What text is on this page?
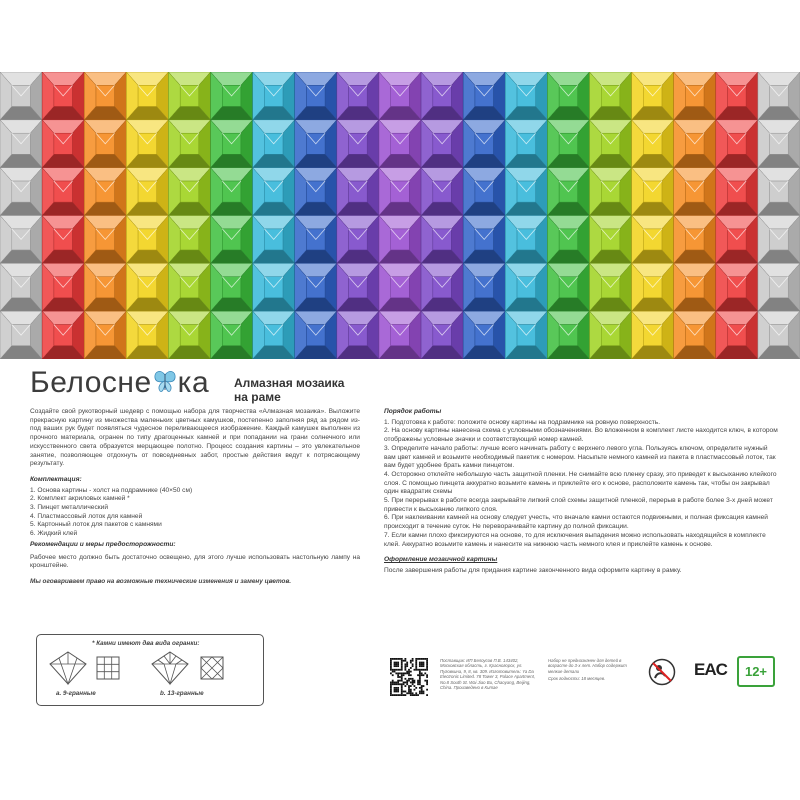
Белосне ка Алмазная мозаика
на раме

Создайте свой рукотворный шедевр с помощью набора для творчества «Алмазная мозаика». Выложите прекрасную картину из множества маленьких цветных камушков, постепенно заполняя ряд за рядом из-под ваших рук будет появляться чудесное переливающееся изображение. Каждый камушек выполнен из прочного материала, огранен по типу драгоценных камней и при попадании на грани солнечного или искусственного света образуется мерцающее полотно. Процесс создания картины – это увлекательное занятие, позволяющее отдохнуть от повседневных забот, простые действия ведут к потрясающему результату.

Комплектация:
1. Основа картины - холст на подрамнике (40×50 см)
2. Комплект акриловых камней *
3. Пинцет металлический
4. Пластмассовый лоток для камней
5. Картонный лоток для пакетов с камнями
6. Жидкий клей
Рекомендации и меры предосторожности:

Рабочее место должно быть достаточно освещено, для этого лучше использовать настольную лампу на кронштейне.

Мы оговариваем право на возможные технические изменения и замену цветов.
* Камни имеют два вида огранки:
a. 9-гранные	b. 13-гранные
Порядок работы
1. Подготовка к работе: положите основу картины на подрамнике на ровную поверхность.
2. На основу картины нанесена схема с условными обозначениями. Во вложенном в комплект листе находится ключ, в котором отображены условные значки и соответствующий номер камней.
3. Определите начало работы: лучше всего начинать работу с верхнего левого угла. Пользуясь ключом, определите нужный вам цвет камней и возьмите необходимый пакетик с номером. Насыпьте немного камней из пакета в пластмассовый лоток, так вам будет удобнее брать камни пинцетом.
4. Осторожно отклейте небольшую часть защитной пленки. Не снимайте всю пленку сразу, это приведет к высыханию клейкого слоя. С помощью пинцета аккуратно возьмите камень и приклейте его к основе, расположите камень так, чтобы он закрывал один квадратик схемы
5. При перерывах в работе всегда закрывайте липкий слой схемы защитной пленкой, перерыв в работе более 3-х дней может привести к высыханию липкого слоя.
6. При наклеивании камней на основу следует учесть, что вначале камни остаются подвижными, и полная фиксация камней происходит в течение суток. Не переворачивайте картину до полной фиксации.
7. Если камни плохо фиксируются на основе, то для исключения выпадения можно использовать находящийся в комплекте клей. Аккуратно возьмите камень и нанесите на нижнюю часть немного клея и приклейте камень к основе.
Оформление мозаичной картины

После завершения работы для придания картине законченного вида оформите картину в рамку.

Поставщик: ИП Белоусов П.В. 143402, Московская область, г. Красногорск, ул. Пуговкина, 9, 8, кв. 309. Изготовитель: Ya Da Electronic Limited. 78 Tower 3, Palace Apartment, No.8 South St. Wai Jiao Bu, Chaoyang, Beijing, China. Произведено в Китае
Набор не предназначен для детей в возрасте до 3-х лет. Набор содержит мелкие детали
Срок годности: 18 месяцев.	EAC	12+
